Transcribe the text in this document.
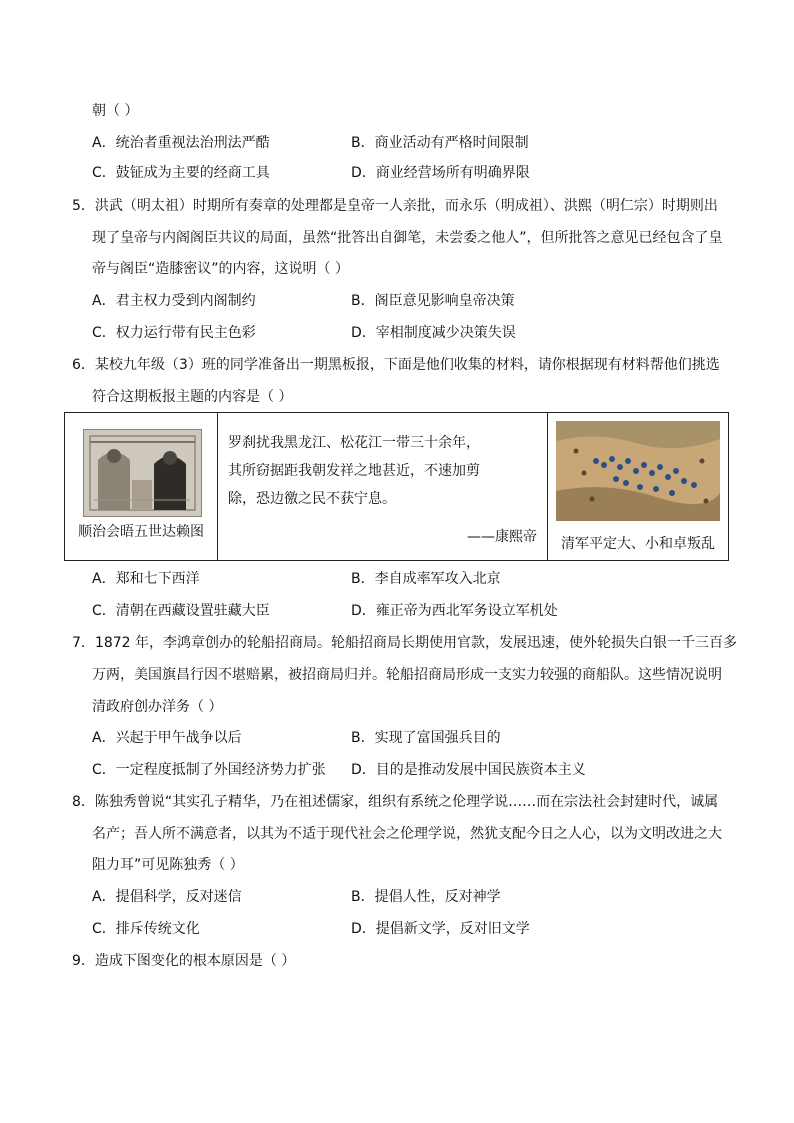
朝（ ）
A．统治者重视法治刑法严酷	B．商业活动有严格时间限制
C．鼓钲成为主要的经商工具	D．商业经营场所有明确界限
5．洪武（明太祖）时期所有奏章的处理都是皇帝一人亲批，而永乐（明成祖）、洪熙（明仁宗）时期则出
现了皇帝与内阁阁臣共议的局面，虽然“批答出自御笔，未尝委之他人”，但所批答之意见已经包含了皇
帝与阁臣“造膝密议”的内容，这说明（ ）
A．君主权力受到内阁制约	B．阁臣意见影响皇帝决策
C．权力运行带有民主色彩	D．宰相制度减少决策失误
6．某校九年级（3）班的同学准备出一期黑板报，下面是他们收集的材料，请你根据现有材料帮他们挑选
符合这期板报主题的内容是（ ）
顺治会晤五世达赖图
罗刹扰我黑龙江、松花江一带三十余年，
其所窃据距我朝发祥之地甚近，不速加剪
除，恐边徼之民不获宁息。
——康熙帝	清军平定大、小和卓叛乱
A．郑和七下西洋	B．李自成率军攻入北京
C．清朝在西藏设置驻藏大臣	D．雍正帝为西北军务设立军机处
7．1872 年，李鸿章创办的轮船招商局。轮船招商局长期使用官款，发展迅速，使外轮损失白银一千三百多
万两，美国旗昌行因不堪赔累，被招商局归并。轮船招商局形成一支实力较强的商船队。这些情况说明
清政府创办洋务（ ）
A．兴起于甲午战争以后	B．实现了富国强兵目的
C．一定程度抵制了外国经济势力扩张 D．目的是推动发展中国民族资本主义
8．陈独秀曾说“其实孔子精华，乃在祖述儒家，组织有系统之伦理学说……而在宗法社会封建时代，诚属
名产；吾人所不满意者，以其为不适于现代社会之伦理学说，然犹支配今日之人心，以为文明改进之大
阻力耳”可见陈独秀（ ）
A．提倡科学，反对迷信	B．提倡人性，反对神学
C．排斥传统文化	D．提倡新文学，反对旧文学
9．造成下图变化的根本原因是（ ）
